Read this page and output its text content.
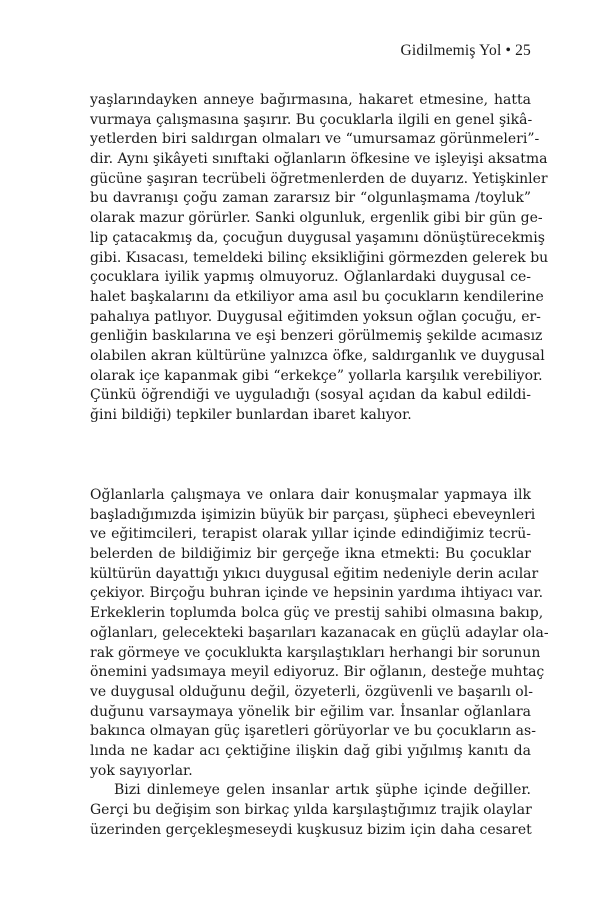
Gidilmemiş Yol • 25
yaşlarındayken anneye bağırmasına, hakaret etmesine, hatta
vurmaya çalışmasına şaşırır. Bu çocuklarla ilgili en genel şikâ-
yetlerden biri saldırgan olmaları ve “umursamaz görünmeleri”-
dir. Aynı şikâyeti sınıftaki oğlanların öfkesine ve işleyişi aksatma
gücüne şaşıran tecrübeli öğretmenlerden de duyarız. Yetişkinler
bu davranışı çoğu zaman zararsız bir “olgunlaşmama /toyluk”
olarak mazur görürler. Sanki olgunluk, ergenlik gibi bir gün ge-
lip çatacakmış da, çocuğun duygusal yaşamını dönüştürecekmiş
gibi. Kısacası, temeldeki bilinç eksikliğini görmezden gelerek bu
çocuklara iyilik yapmış olmuyoruz. Oğlanlardaki duygusal ce-
halet başkalarını da etkiliyor ama asıl bu çocukların kendilerine
pahalıya patlıyor. Duygusal eğitimden yoksun oğlan çocuğu, er-
genliğin baskılarına ve eşi benzeri görülmemiş şekilde acımasız
olabilen akran kültürüne yalnızca öfke, saldırganlık ve duygusal
olarak içe kapanmak gibi “erkekçe” yollarla karşılık verebiliyor.
Çünkü öğrendiği ve uyguladığı (sosyal açıdan da kabul edildi-
ğini bildiği) tepkiler bunlardan ibaret kalıyor.
Oğlanlarla çalışmaya ve onlara dair konuşmalar yapmaya ilk
başladığımızda işimizin büyük bir parçası, şüpheci ebeveynleri
ve eğitimcileri, terapist olarak yıllar içinde edindiğimiz tecrü-
belerden de bildiğimiz bir gerçeğe ikna etmekti: Bu çocuklar
kültürün dayattığı yıkıcı duygusal eğitim nedeniyle derin acılar
çekiyor. Birçoğu buhran içinde ve hepsinin yardıma ihtiyacı var.
Erkeklerin toplumda bolca güç ve prestij sahibi olmasına bakıp,
oğlanları, gelecekteki başarıları kazanacak en güçlü adaylar ola-
rak görmeye ve çocuklukta karşılaştıkları herhangi bir sorunun
önemini yadsımaya meyil ediyoruz. Bir oğlanın, desteğe muhtaç
ve duygusal olduğunu değil, özyeterli, özgüvenli ve başarılı ol-
duğunu varsaymaya yönelik bir eğilim var. İnsanlar oğlanlara
bakınca olmayan güç işaretleri görüyorlar ve bu çocukların as-
lında ne kadar acı çektiğine ilişkin dağ gibi yığılmış kanıtı da
yok sayıyorlar.
Bizi dinlemeye gelen insanlar artık şüphe içinde değiller.
Gerçi bu değişim son birkaç yılda karşılaştığımız trajik olaylar
üzerinden gerçekleşmeseydi kuşkusuz bizim için daha cesaret
